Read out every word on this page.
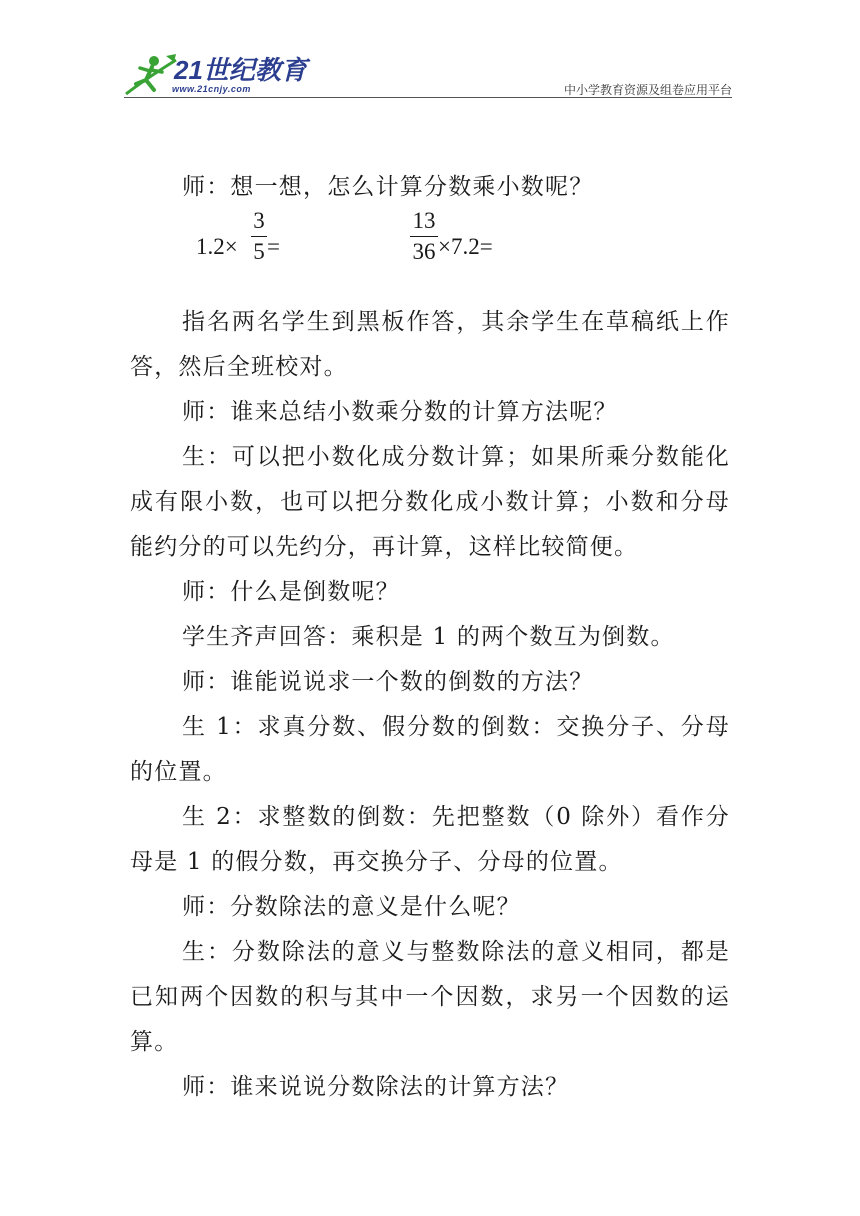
21世纪教育
www.21cnjy.com	中小学教育资源及组卷应用平台

师：想一想，怎么计算分数乘小数呢？

1.2×
3
5 =
13
36 ×7.2=

指名两名学生到黑板作答，其余学生在草稿纸上作答，然后全班校对。

师：谁来总结小数乘分数的计算方法呢？

生：可以把小数化成分数计算；如果所乘分数能化成有限小数，也可以把分数化成小数计算；小数和分母能约分的可以先约分，再计算，这样比较简便。

师：什么是倒数呢？

学生齐声回答：乘积是 1 的两个数互为倒数。

师：谁能说说求一个数的倒数的方法？

生 1：求真分数、假分数的倒数：交换分子、分母的位置。

生 2：求整数的倒数：先把整数（0 除外）看作分母是 1 的假分数，再交换分子、分母的位置。

师：分数除法的意义是什么呢？

生：分数除法的意义与整数除法的意义相同，都是已知两个因数的积与其中一个因数，求另一个因数的运算。

师：谁来说说分数除法的计算方法？
